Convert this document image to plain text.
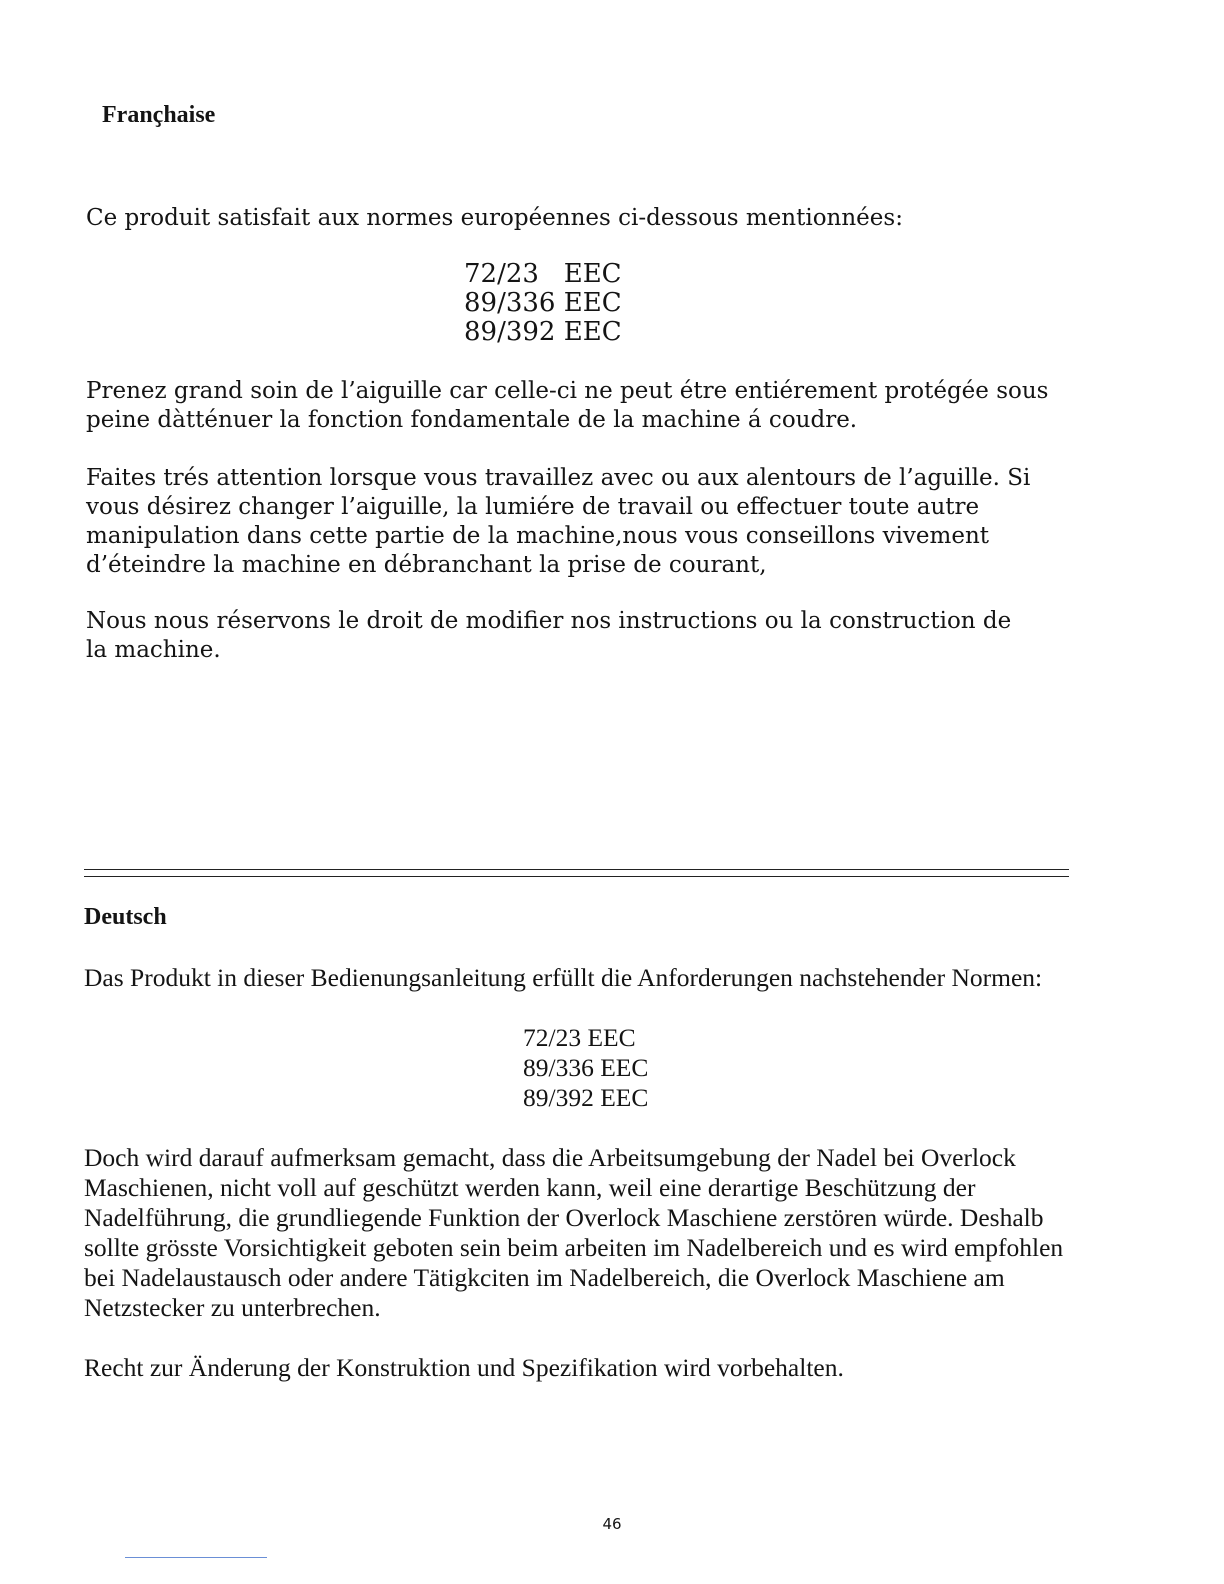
Franҫhaise

Ce produit satisfait aux normes européennes ci-dessous mentionnées:

72/23   EEC
89/336 EEC
89/392 EEC

Prenez grand soin de l’aiguille car celle-ci ne peut étre entiérement protégée sous peine dàtténuer la fonction fondamentale de la machine á coudre.

Faites trés attention lorsque vous travaillez avec ou aux alentours de l’aguille. Si vous désirez changer l’aiguille, la lumiére de travail ou effectuer toute autre manipulation dans cette partie de la machine,nous vous conseillons vivement d’éteindre la machine en débranchant la prise de courant,

Nous nous réservons le droit de modifier nos instructions ou la construction de la machine.

Deutsch

Das Produkt in dieser Bedienungsanleitung erfüllt die Anforderungen nachstehender Normen:

72/23 EEC
89/336 EEC
89/392 EEC

Doch wird darauf aufmerksam gemacht, dass die Arbeitsumgebung der Nadel bei Overlock Maschienen, nicht voll auf geschützt werden kann, weil eine derartige Beschützung der Nadelführung, die grundliegende Funktion der Overlock Maschiene zerstören würde. Deshalb sollte grösste Vorsichtigkeit geboten sein beim arbeiten im Nadelbereich und es wird empfohlen bei Nadelaustausch oder andere Tätigkciten im Nadelbereich, die Overlock Maschiene am Netzstecker zu unterbrechen.

Recht zur Änderung der Konstruktion und Spezifikation wird vorbehalten.

46
